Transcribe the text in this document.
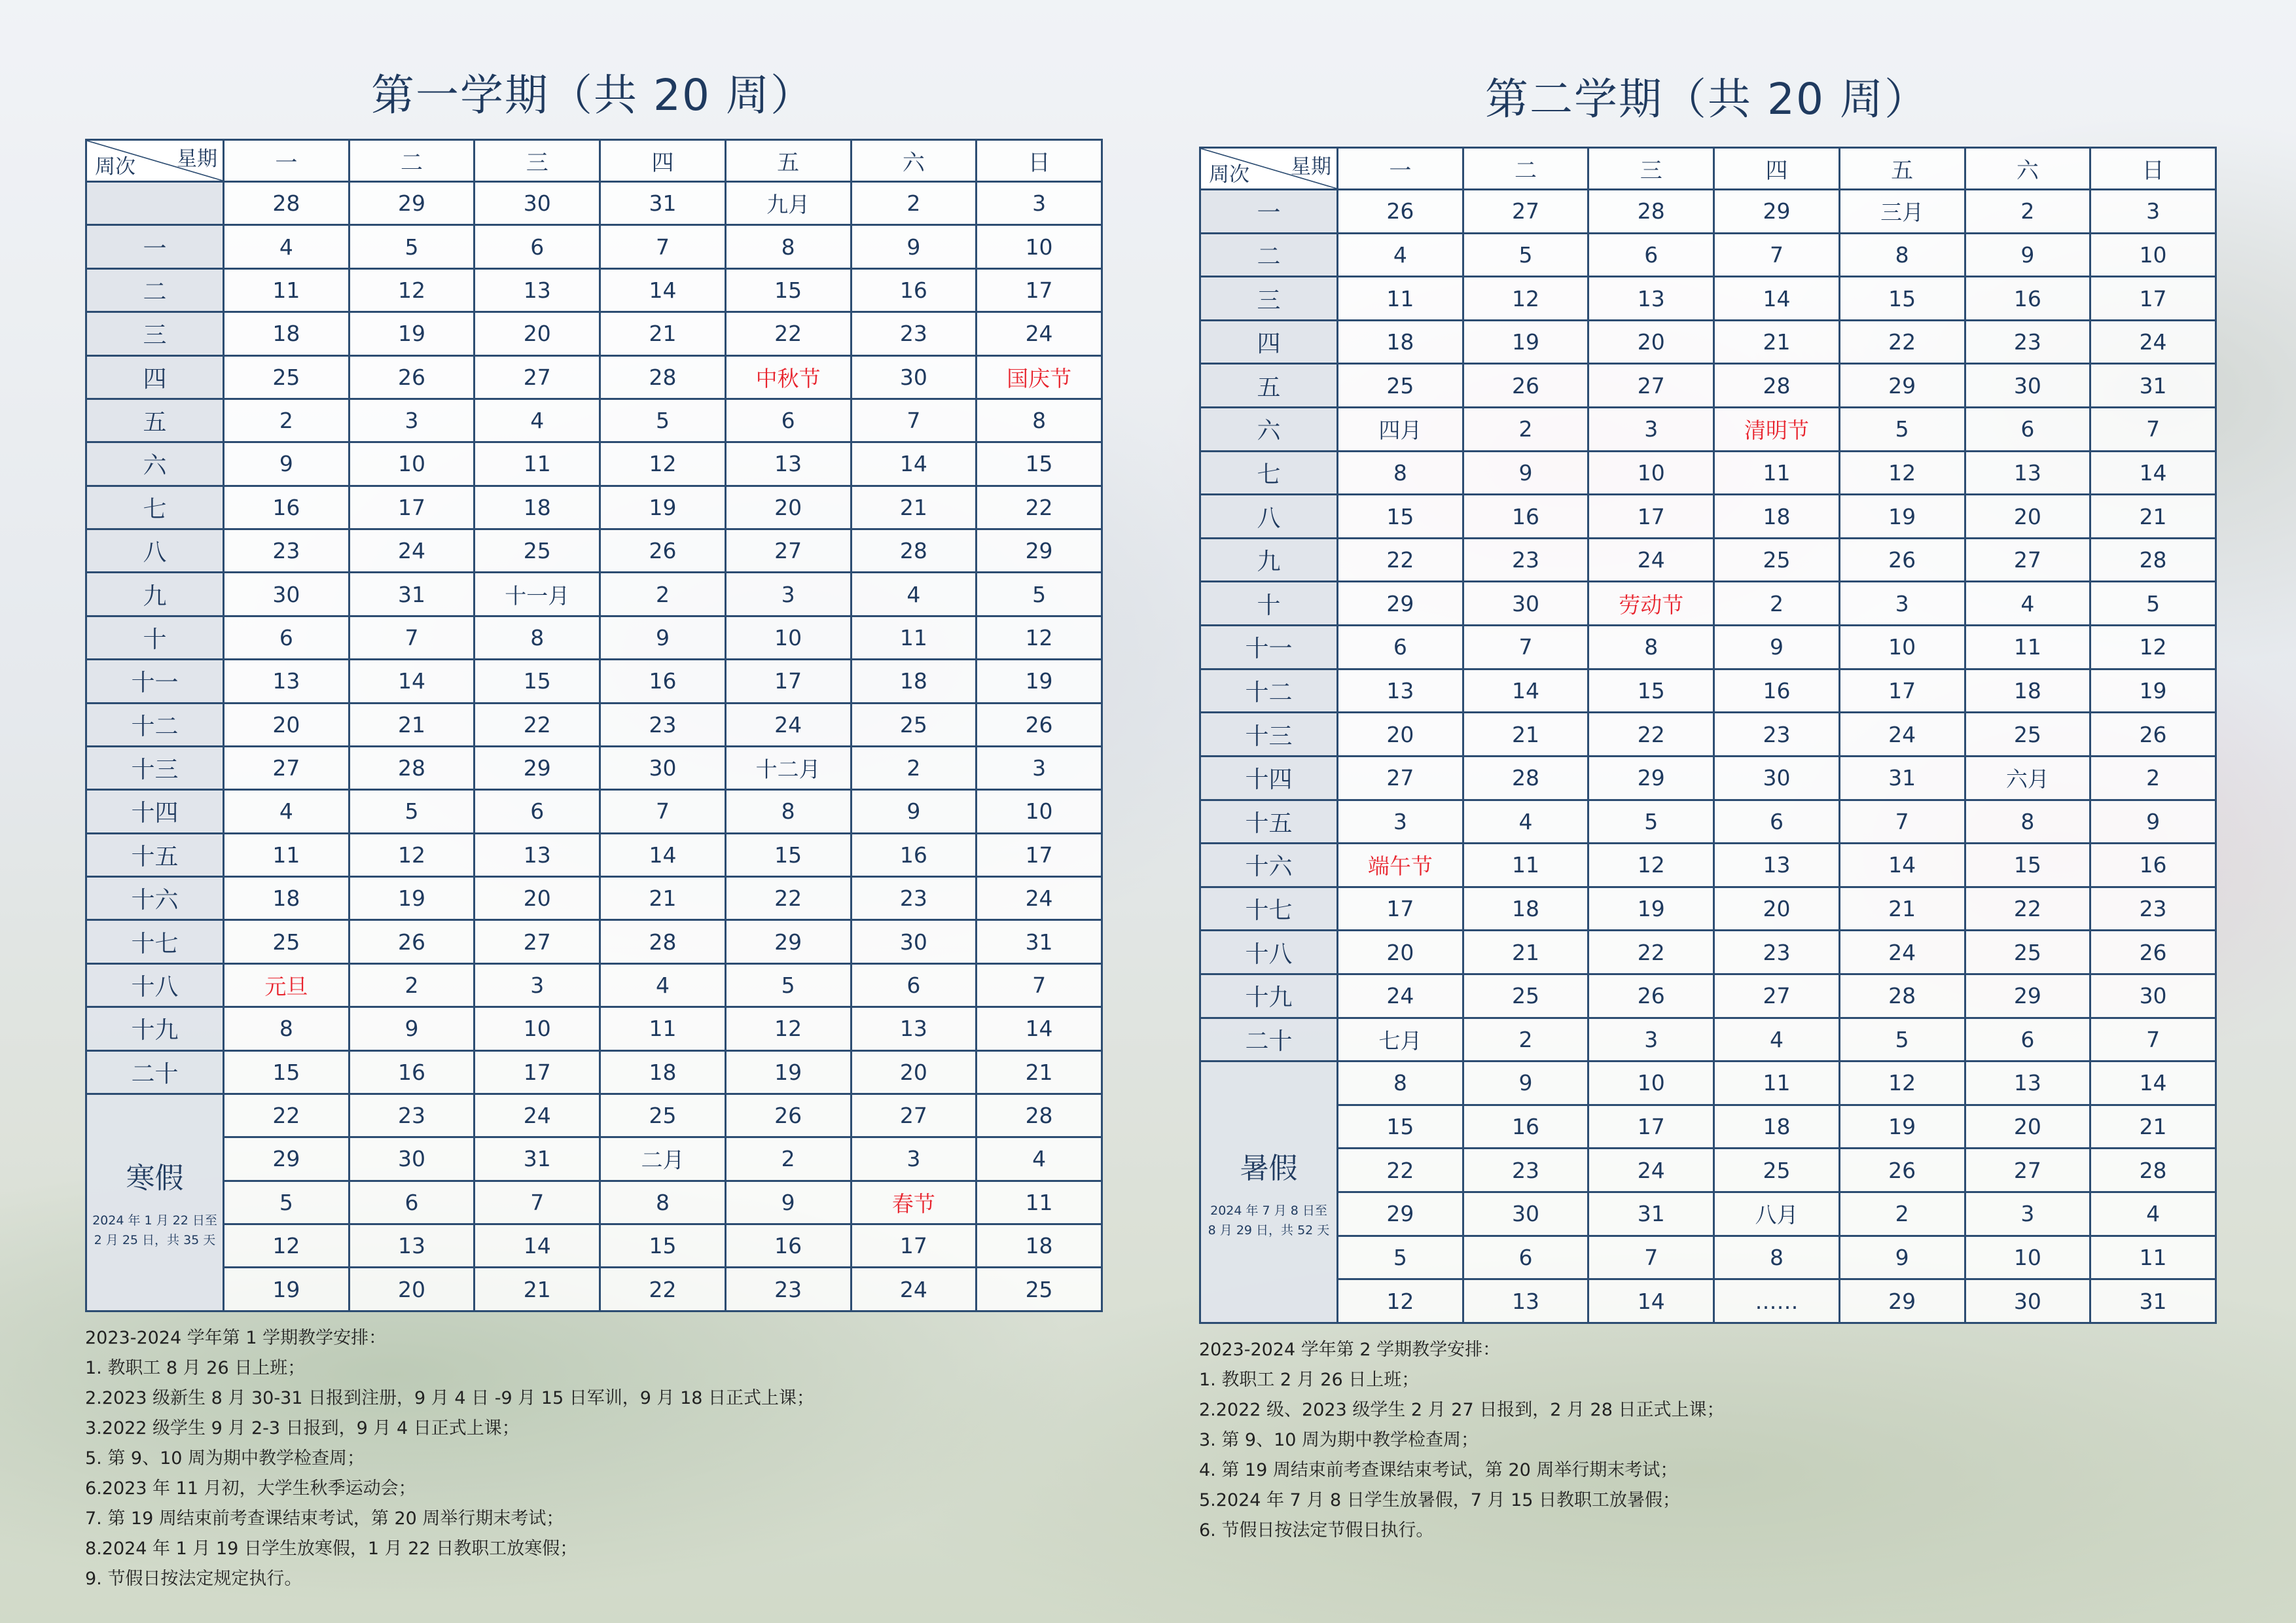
第一学期（共 20 周）
星期
周次	一	二	三	四	五	六	日
	28	29	30	31	九月	2	3
一	4	5	6	7	8	9	10
二	11	12	13	14	15	16	17
三	18	19	20	21	22	23	24
四	25	26	27	28	中秋节	30	国庆节
五	2	3	4	5	6	7	8
六	9	10	11	12	13	14	15
七	16	17	18	19	20	21	22
八	23	24	25	26	27	28	29
九	30	31	十一月	2	3	4	5
十	6	7	8	9	10	11	12
十一	13	14	15	16	17	18	19
十二	20	21	22	23	24	25	26
十三	27	28	29	30	十二月	2	3
十四	4	5	6	7	8	9	10
十五	11	12	13	14	15	16	17
十六	18	19	20	21	22	23	24
十七	25	26	27	28	29	30	31
十八	元旦	2	3	4	5	6	7
十九	8	9	10	11	12	13	14
二十	15	16	17	18	19	20	21

寒假
2024 年 1 月 22 日至
2 月 25 日，共 35 天	22	23	24	25	26	27	28
	29	30	31	二月	2	3	4
	5	6	7	8	9	春节	11
	12	13	14	15	16	17	18
	19	20	21	22	23	24	25
2023-2024 学年第 1 学期教学安排：
1. 教职工 8 月 26 日上班；
2.2023 级新生 8 月 30-31 日报到注册，9 月 4 日 -9 月 15 日军训，9 月 18 日正式上课；
3.2022 级学生 9 月 2-3 日报到，9 月 4 日正式上课；
5. 第 9、10 周为期中教学检查周；
6.2023 年 11 月初，大学生秋季运动会；
7. 第 19 周结束前考查课结束考试，第 20 周举行期末考试；
8.2024 年 1 月 19 日学生放寒假，1 月 22 日教职工放寒假；
9. 节假日按法定规定执行。
第二学期（共 20 周）
星期
周次	一	二	三	四	五	六	日
一	26	27	28	29	三月	2	3
二	4	5	6	7	8	9	10
三	11	12	13	14	15	16	17
四	18	19	20	21	22	23	24
五	25	26	27	28	29	30	31
六	四月	2	3	清明节	5	6	7
七	8	9	10	11	12	13	14
八	15	16	17	18	19	20	21
九	22	23	24	25	26	27	28
十	29	30	劳动节	2	3	4	5
十一	6	7	8	9	10	11	12
十二	13	14	15	16	17	18	19
十三	20	21	22	23	24	25	26
十四	27	28	29	30	31	六月	2
十五	3	4	5	6	7	8	9
十六	端午节	11	12	13	14	15	16
十七	17	18	19	20	21	22	23
十八	20	21	22	23	24	25	26
十九	24	25	26	27	28	29	30
二十	七月	2	3	4	5	6	7

暑假
2024 年 7 月 8 日至
8 月 29 日，共 52 天	8	9	10	11	12	13	14
	15	16	17	18	19	20	21
	22	23	24	25	26	27	28
	29	30	31	八月	2	3	4
	5	6	7	8	9	10	11
	12	13	14	……	29	30	31
2023-2024 学年第 2 学期教学安排：
1. 教职工 2 月 26 日上班；
2.2022 级、2023 级学生 2 月 27 日报到，2 月 28 日正式上课；
3. 第 9、10 周为期中教学检查周；
4. 第 19 周结束前考查课结束考试，第 20 周举行期末考试；
5.2024 年 7 月 8 日学生放暑假，7 月 15 日教职工放暑假；
6. 节假日按法定节假日执行。
